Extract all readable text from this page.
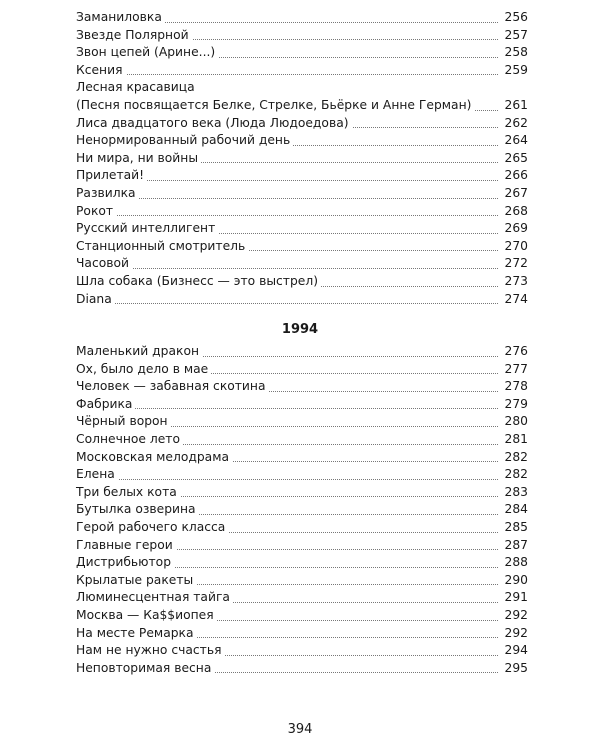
Заманиловка	256
Звезде Полярной	257
Звон цепей (Арине...)	258
Ксения	259
Лесная красавица
(Песня посвящается Белке, Стрелке, Бьёрке и Анне Герман)	261
Лиса двадцатого века (Люда Людоедова)	262
Ненормированный рабочий день	264
Ни мира, ни войны	265
Прилетай!	266
Развилка	267
Рокот	268
Русский интеллигент	269
Станционный смотритель	270
Часовой	272
Шла собака (Бизнесс — это выстрел)	273
Diana	274
1994
Маленький дракон	276
Ох, было дело в мае	277
Человек — забавная скотина	278
Фабрика	279
Чёрный ворон	280
Солнечное лето	281
Московская мелодрама	282
Елена	282
Три белых кота	283
Бутылка озверина	284
Герой рабочего класса	285
Главные герои	287
Дистрибьютор	288
Крылатые ракеты	290
Люминесцентная тайга	291
Москва — Ка$$иопея	292
На месте Ремарка	292
Нам не нужно счастья	294
Неповторимая весна	295
394
